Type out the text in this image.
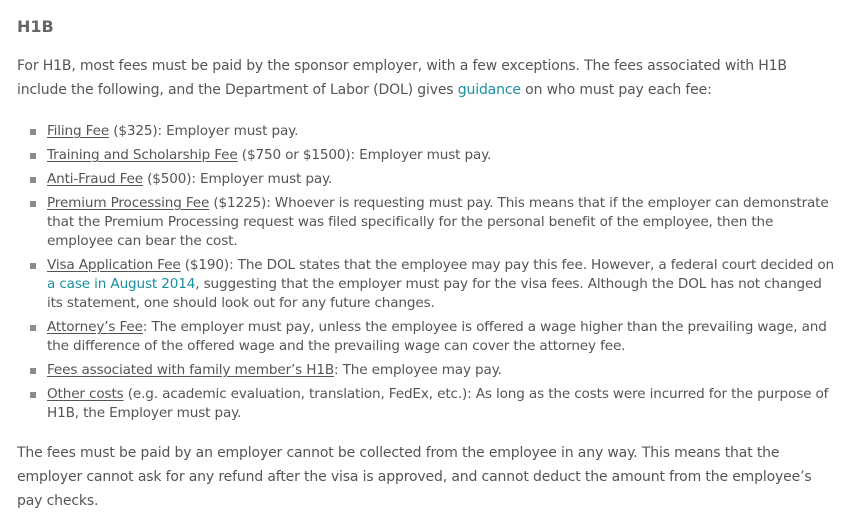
H1B

For H1B, most fees must be paid by the sponsor employer, with a few exceptions. The fees associated with H1B include the following, and the Department of Labor (DOL) gives guidance on who must pay each fee:

Filing Fee ($325): Employer must pay.
Training and Scholarship Fee ($750 or $1500): Employer must pay.
Anti-Fraud Fee ($500): Employer must pay.
Premium Processing Fee ($1225): Whoever is requesting must pay. This means that if the employer can demonstrate that the Premium Processing request was filed specifically for the personal benefit of the employee, then the employee can bear the cost.
Visa Application Fee ($190): The DOL states that the employee may pay this fee. However, a federal court decided on a case in August 2014, suggesting that the employer must pay for the visa fees. Although the DOL has not changed its statement, one should look out for any future changes.
Attorney’s Fee: The employer must pay, unless the employee is offered a wage higher than the prevailing wage, and the difference of the offered wage and the prevailing wage can cover the attorney fee.
Fees associated with family member’s H1B: The employee may pay.
Other costs (e.g. academic evaluation, translation, FedEx, etc.): As long as the costs were incurred for the purpose of H1B, the Employer must pay.

The fees must be paid by an employer cannot be collected from the employee in any way. This means that the employer cannot ask for any refund after the visa is approved, and cannot deduct the amount from the employee’s pay checks.
